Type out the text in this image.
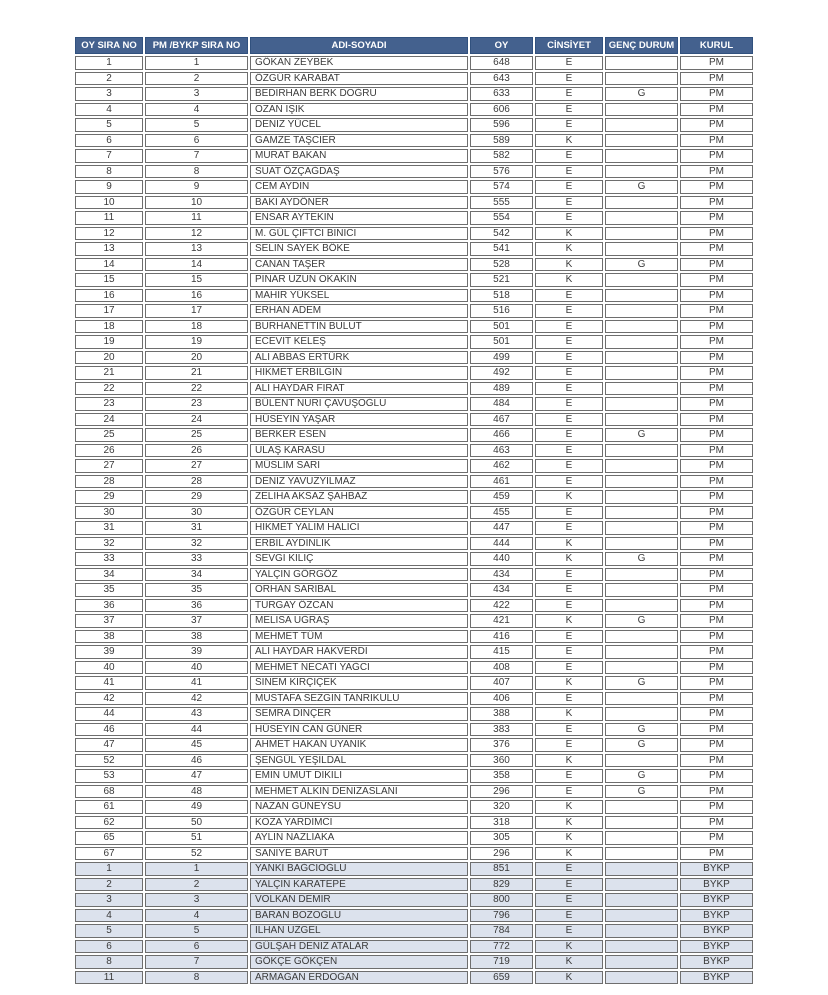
OY SIRA NO	PM /BYKP SIRA NO	ADI-SOYADI	OY	CİNSİYET	GENÇ DURUM	KURUL
1	1	GÖKAN ZEYBEK	648	E		PM
2	2	ÖZGÜR KARABAT	643	E		PM
3	3	BEDİRHAN BERK DOĞRU	633	E	G	PM
4	4	OZAN IŞIK	606	E		PM
5	5	DENİZ YÜCEL	596	E		PM
6	6	GAMZE TAŞCIER	589	K		PM
7	7	MURAT BAKAN	582	E		PM
8	8	SUAT ÖZÇAĞDAŞ	576	E		PM
9	9	CEM AYDIN	574	E	G	PM
10	10	BAKİ AYDÖNER	555	E		PM
11	11	ENSAR AYTEKİN	554	E		PM
12	12	M. GÜL ÇİFTCİ BİNİCİ	542	K		PM
13	13	SELİN SAYEK BÖKE	541	K		PM
14	14	CANAN TAŞER	528	K	G	PM
15	15	PINAR UZUN OKAKIN	521	K		PM
16	16	MAHİR YÜKSEL	518	E		PM
17	17	ERHAN ADEM	516	E		PM
18	18	BURHANETTİN BULUT	501	E		PM
19	19	ECEVİT KELEŞ	501	E		PM
20	20	ALİ ABBAS ERTÜRK	499	E		PM
21	21	HİKMET ERBİLGİN	492	E		PM
22	22	ALİ HAYDAR FIRAT	489	E		PM
23	23	BÜLENT NURİ ÇAVUŞOĞLU	484	E		PM
24	24	HÜSEYİN YAŞAR	467	E		PM
25	25	BERKER ESEN	466	E	G	PM
26	26	ULAŞ KARASU	463	E		PM
27	27	MÜSLİM SARI	462	E		PM
28	28	DENİZ YAVUZYILMAZ	461	E		PM
29	29	ZELİHA AKSAZ ŞAHBAZ	459	K		PM
30	30	ÖZGÜR CEYLAN	455	E		PM
31	31	HİKMET YALIM HALICI	447	E		PM
32	32	ERBİL AYDINLIK	444	K		PM
33	33	SEVGİ KILIÇ	440	K	G	PM
34	34	YALÇIN GÖRGÖZ	434	E		PM
35	35	ORHAN SARIBAL	434	E		PM
36	36	TURGAY ÖZCAN	422	E		PM
37	37	MELİSA UĞRAŞ	421	K	G	PM
38	38	MEHMET TÜM	416	E		PM
39	39	ALİ HAYDAR HAKVERDİ	415	E		PM
40	40	MEHMET NECATİ YAĞCI	408	E		PM
41	41	SİNEM KIRÇİÇEK	407	K	G	PM
42	42	MUSTAFA SEZGİN TANRIKULU	406	E		PM
44	43	SEMRA DİNÇER	388	K		PM
46	44	HÜSEYİN CAN GÜNER	383	E	G	PM
47	45	AHMET HAKAN UYANIK	376	E	G	PM
52	46	ŞENGÜL YEŞİLDAL	360	K		PM
53	47	EMİN UMUT DİKİLİ	358	E	G	PM
68	48	MEHMET ALKIN DENİZASLANI	296	E	G	PM
61	49	NAZAN GÜNEYSU	320	K		PM
62	50	KOZA YARDIMCI	318	K		PM
65	51	AYLİN NAZLIAKA	305	K		PM
67	52	SANİYE BARUT	296	K		PM
1	1	YANKI BAĞCIOĞLU	851	E		BYKP
2	2	YALÇIN KARATEPE	829	E		BYKP
3	3	VOLKAN DEMİR	800	E		BYKP
4	4	BARAN BOZOĞLU	796	E		BYKP
5	5	İLHAN UZGEL	784	E		BYKP
6	6	GÜLŞAH DENİZ ATALAR	772	K		BYKP
8	7	GÖKÇE GÖKÇEN	719	K		BYKP
11	8	ARMAĞAN ERDOĞAN	659	K		BYKP
